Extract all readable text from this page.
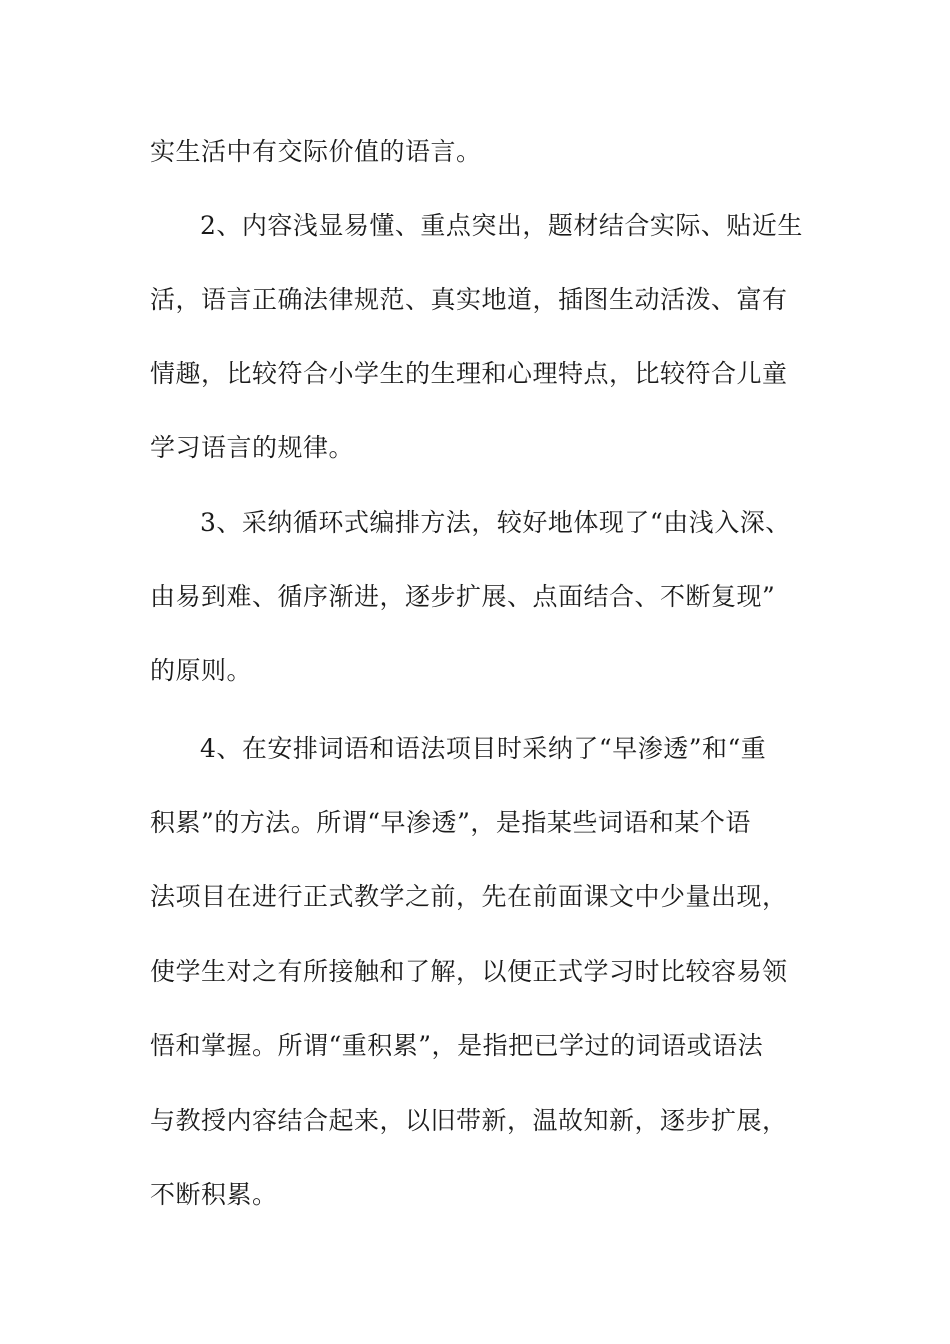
实生活中有交际价值的语言。
2、内容浅显易懂、重点突出，题材结合实际、贴近生
活，语言正确法律规范、真实地道，插图生动活泼、富有
情趣，比较符合小学生的生理和心理特点，比较符合儿童
学习语言的规律。
3、采纳循环式编排方法，较好地体现了“由浅入深、
由易到难、循序渐进，逐步扩展、点面结合、不断复现”
的原则。
4、在安排词语和语法项目时采纳了“早渗透”和“重
积累”的方法。所谓“早渗透”，是指某些词语和某个语
法项目在进行正式教学之前，先在前面课文中少量出现，
使学生对之有所接触和了解，以便正式学习时比较容易领
悟和掌握。所谓“重积累”，是指把已学过的词语或语法
与教授内容结合起来，以旧带新，温故知新，逐步扩展，
不断积累。
